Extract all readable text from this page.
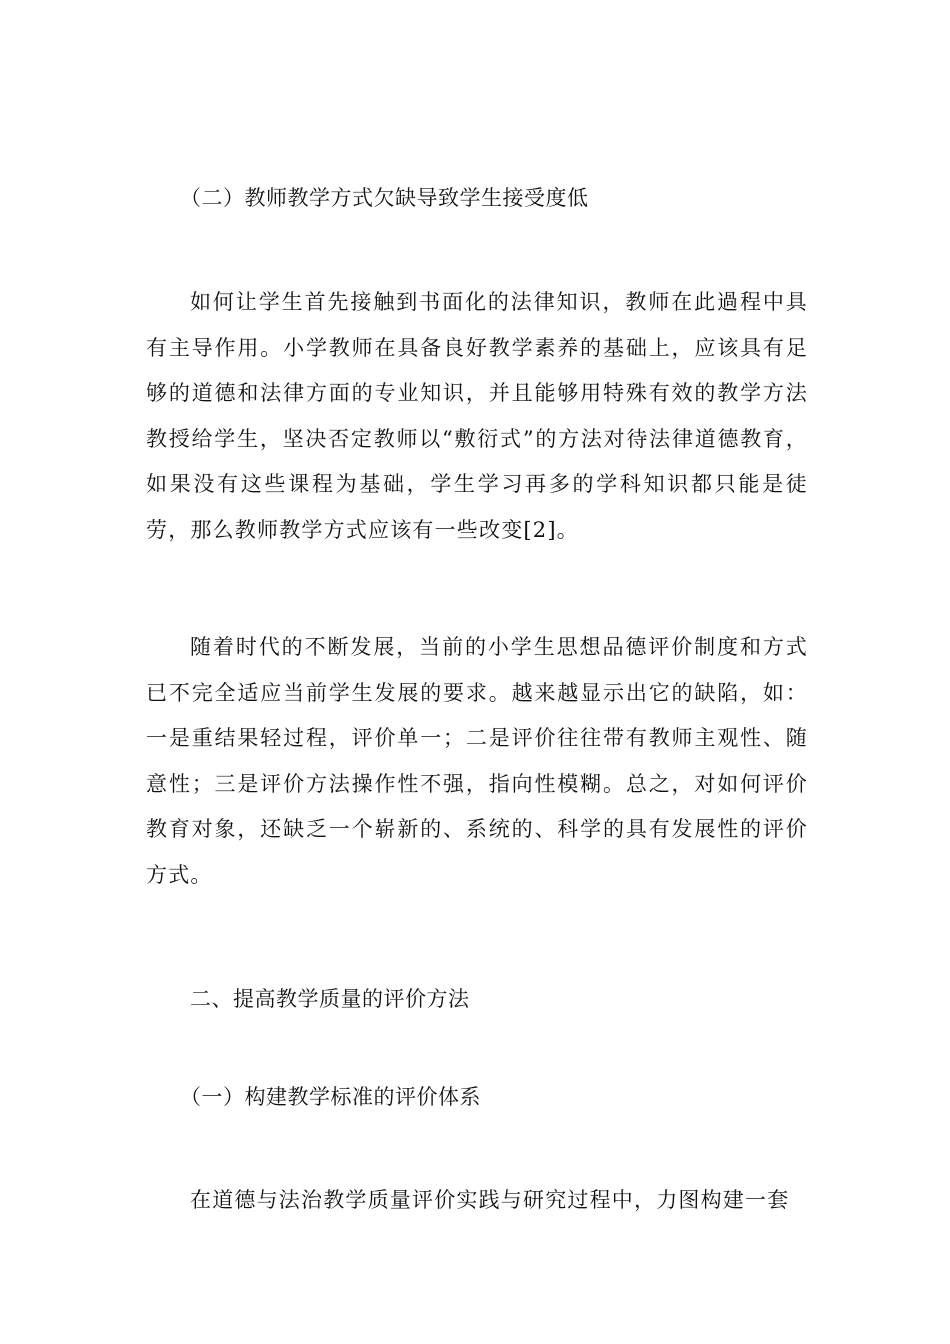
（二）教师教学方式欠缺导致学生接受度低

如何让学生首先接触到书面化的法律知识，教师在此過程中具有主导作用。小学教师在具备良好教学素养的基础上，应该具有足够的道德和法律方面的专业知识，并且能够用特殊有效的教学方法教授给学生，坚决否定教师以“敷衍式”的方法对待法律道德教育，如果没有这些课程为基础，学生学习再多的学科知识都只能是徒劳，那么教师教学方式应该有一些改变[2]。

随着时代的不断发展，当前的小学生思想品德评价制度和方式已不完全适应当前学生发展的要求。越来越显示出它的缺陷，如：一是重结果轻过程，评价单一；二是评价往往带有教师主观性、随意性；三是评价方法操作性不强，指向性模糊。总之，对如何评价教育对象，还缺乏一个崭新的、系统的、科学的具有发展性的评价方式。

二、提高教学质量的评价方法
（一）构建教学标准的评价体系

在道德与法治教学质量评价实践与研究过程中，力图构建一套
